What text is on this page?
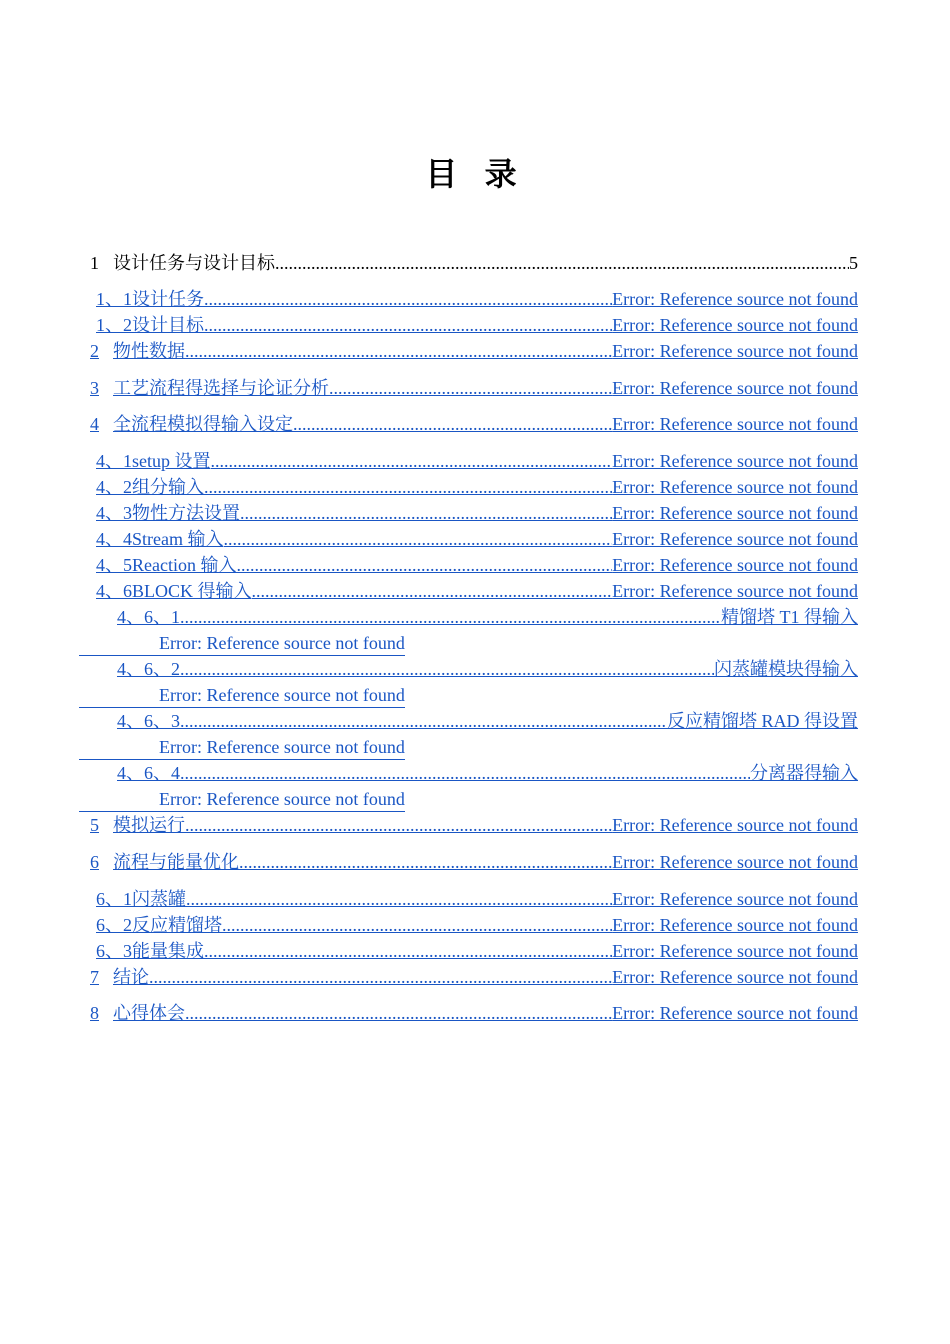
目 录
1 设计任务与设计目标 .....	5
1、1 设计任务 .....	Error: Reference source not found
1、2 设计目标 .....	Error: Reference source not found
2 物性数据 .....	Error: Reference source not found
3 工艺流程得选择与论证分析 .....	Error: Reference source not found
4 全流程模拟得输入设定 .....	Error: Reference source not found
4、1 setup 设置 .....	Error: Reference source not found
4、2 组分输入 .....	Error: Reference source not found
4、3 物性方法设置 .....	Error: Reference source not found
4、4 Stream 输入 .....	Error: Reference source not found
4、5 Reaction 输入 .....	Error: Reference source not found
4、6 BLOCK 得输入 .....	Error: Reference source not found
4、6、1 .....	精馏塔 T1 得输入
Error: Reference source not found
4、6、2 .....	闪蒸罐模块得输入
Error: Reference source not found
4、6、3 .....	反应精馏塔 RAD 得设置
Error: Reference source not found
4、6、4 .....	分离器得输入
Error: Reference source not found
5 模拟运行 .....	Error: Reference source not found
6 流程与能量优化 .....	Error: Reference source not found
6、1 闪蒸罐 .....	Error: Reference source not found
6、2 反应精馏塔 .....	Error: Reference source not found
6、3 能量集成 .....	Error: Reference source not found
7 结论 .....	Error: Reference source not found
8 心得体会 .....	Error: Reference source not found
